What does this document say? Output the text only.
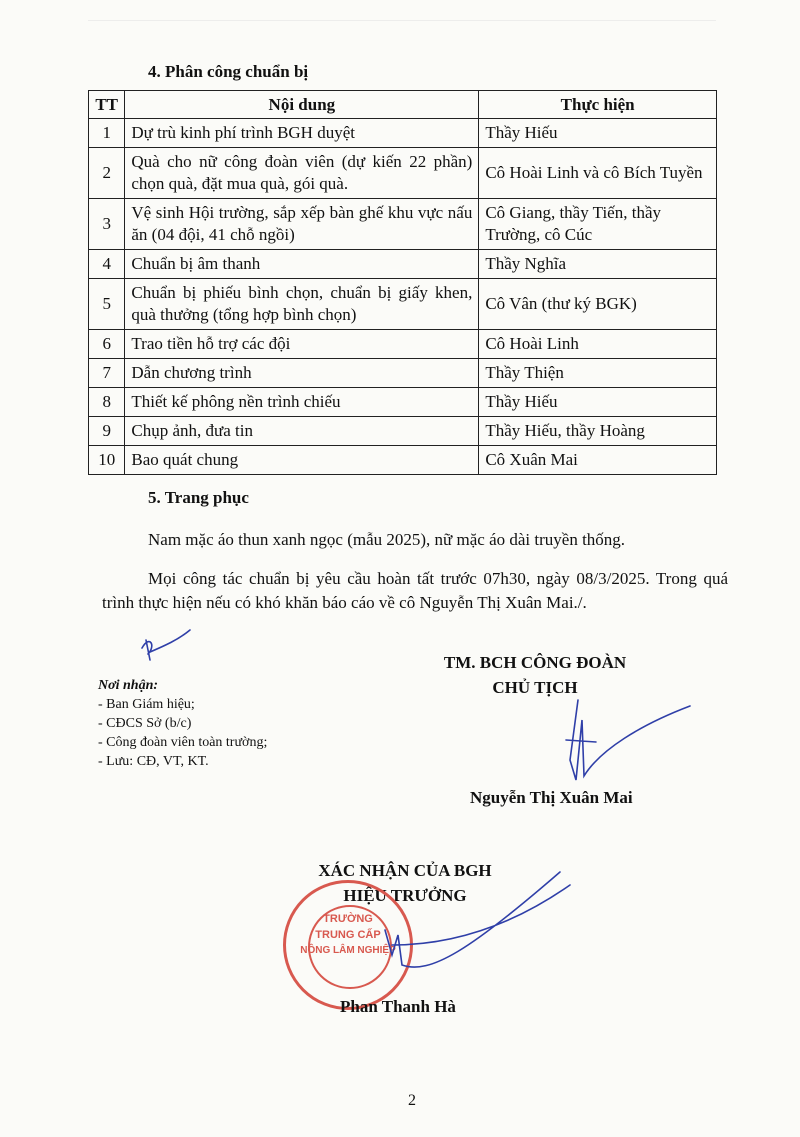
4. Phân công chuẩn bị
TT	Nội dung	Thực hiện
1	Dự trù kinh phí trình BGH duyệt	Thầy Hiếu
2	Quà cho nữ công đoàn viên (dự kiến 22 phần) chọn quà, đặt mua quà, gói quà.	Cô Hoài Linh và cô Bích Tuyền
3	Vệ sinh Hội trường, sắp xếp bàn ghế khu vực nấu ăn (04 đội, 41 chỗ ngồi)	Cô Giang, thầy Tiến, thầy Trường, cô Cúc
4	Chuẩn bị âm thanh	Thầy Nghĩa
5	Chuẩn bị phiếu bình chọn, chuẩn bị giấy khen, quà thưởng (tổng hợp bình chọn)	Cô Vân (thư ký BGK)
6	Trao tiền hỗ trợ các đội	Cô Hoài Linh
7	Dẫn chương trình	Thầy Thiện
8	Thiết kế phông nền trình chiếu	Thầy Hiếu
9	Chụp ảnh, đưa tin	Thầy Hiếu, thầy Hoàng
10	Bao quát chung	Cô Xuân Mai
5. Trang phục
Nam mặc áo thun xanh ngọc (mẫu 2025), nữ mặc áo dài truyền thống.
Mọi công tác chuẩn bị yêu cầu hoàn tất trước 07h30, ngày 08/3/2025. Trong quá trình thực hiện nếu có khó khăn báo cáo về cô Nguyễn Thị Xuân Mai./.
Nơi nhận:
- Ban Giám hiệu;
- CĐCS Sở (b/c)
- Công đoàn viên toàn trường;
- Lưu: CĐ, VT, KT.
TM. BCH CÔNG ĐOÀN
CHỦ TỊCH
Nguyễn Thị Xuân Mai
XÁC NHẬN CỦA BGH
HIỆU TRƯỞNG
TRƯỜNG
TRUNG CẤP
NÔNG LÂM NGHIỆP
Phan Thanh Hà
2
